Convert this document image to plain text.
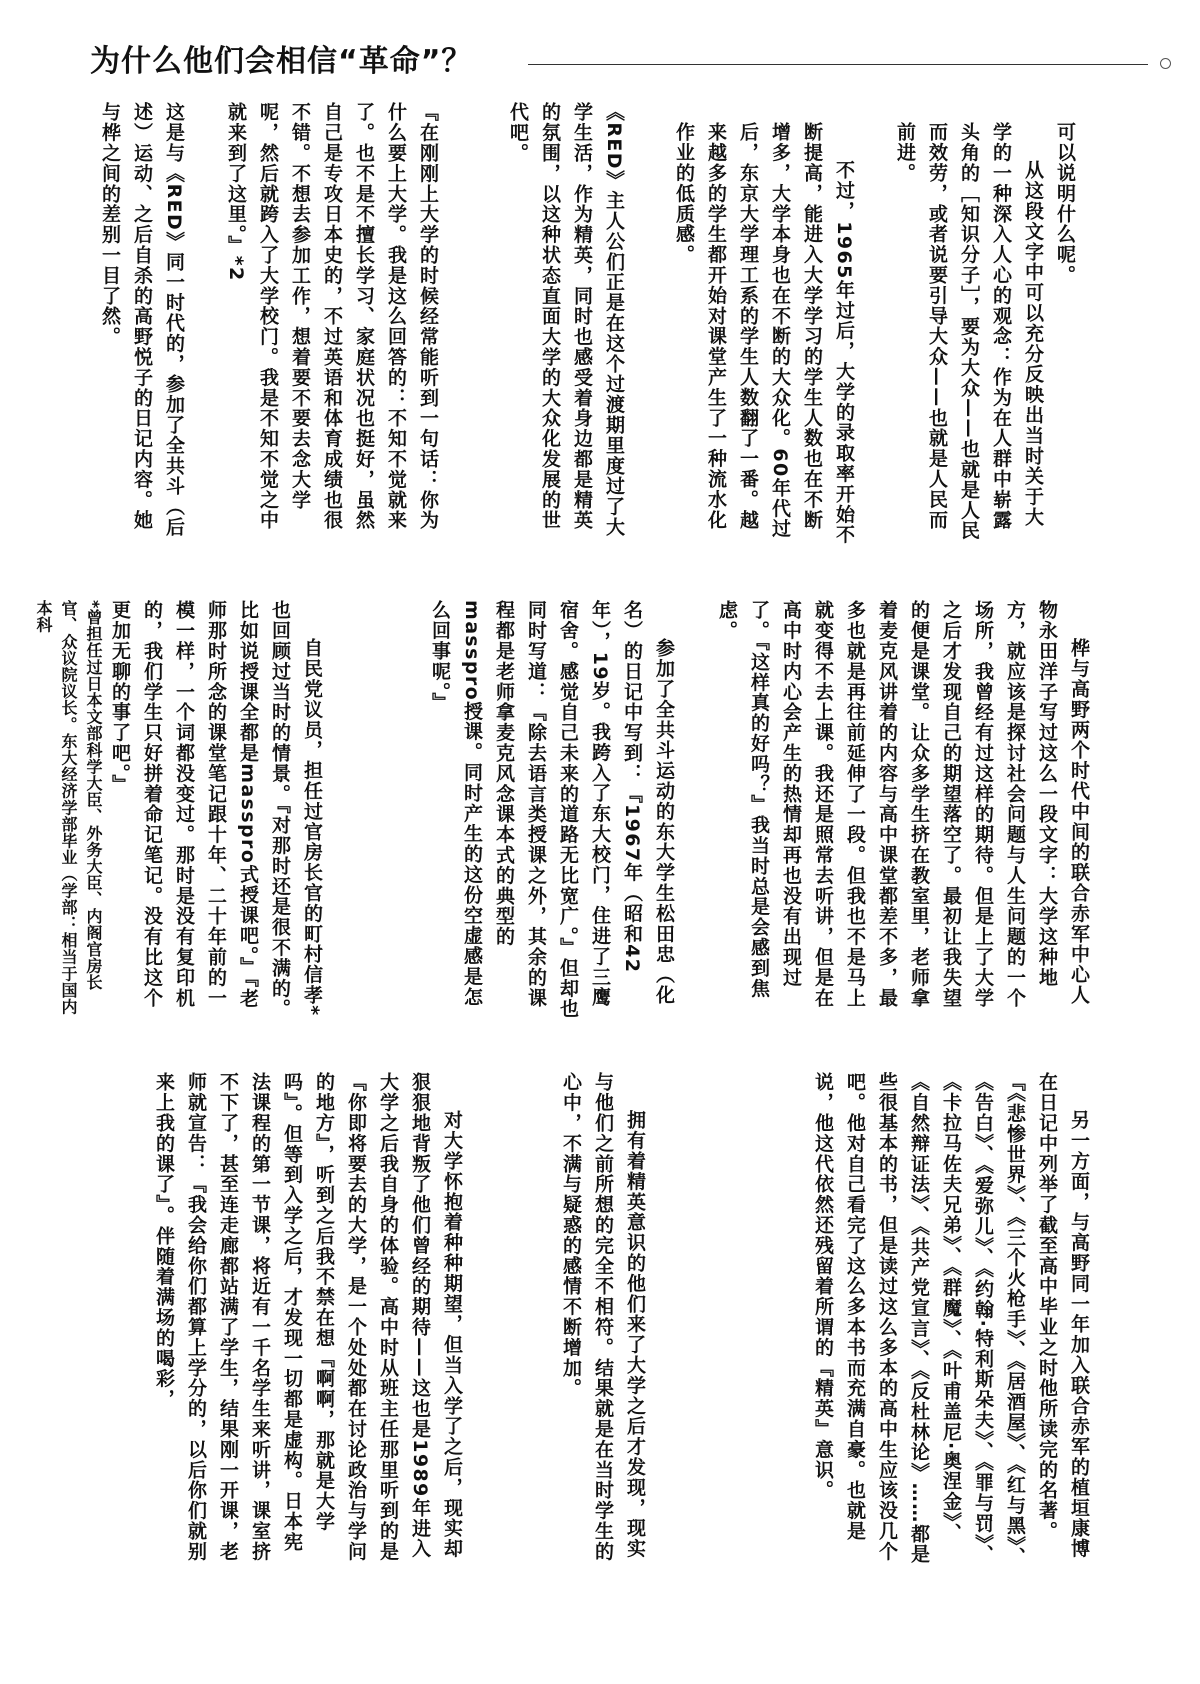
为什么他们会相信“革命”？

可以说明什么呢。

从这段文字中可以充分反映出当时关于大学的一种深入人心的观念：作为在人群中崭露头角的［知识分子］，要为大众——也就是人民而效劳，或者说要引导大众——也就是人民而前进。

不过，1965年过后，大学的录取率开始不断提高，能进入大学学习的学生人数也在不断增多，大学本身也在不断的大众化。60年代过后，东京大学理工系的学生人数翻了一番。越来越多的学生都开始对课堂产生了一种流水化作业的低质感。

《RED》主人公们正是在这个过渡期里度过了大学生活，作为精英，同时也感受着身边都是精英的氛围，以这种状态直面大学的大众化发展的世代吧。

『在刚刚上大学的时候经常能听到一句话：你为什么要上大学。我是这么回答的：不知不觉就来了。也不是不擅长学习、家庭状况也挺好，虽然自己是专攻日本史的，不过英语和体育成绩也很不错。不想去参加工作，想着要不要去念大学呢，然后就跨入了大学校门。我是不知不觉之中就来到了这里。』*2

这是与《RED》同一时代的，参加了全共斗（后述）运动、之后自杀的高野悦子的日记内容。她与桦之间的差别一目了然。

桦与高野两个时代中间的联合赤军中心人物永田洋子写过这么一段文字：大学这种地方，就应该是探讨社会问题与人生问题的一个场所，我曾经有过这样的期待。但是上了大学之后才发现自己的期望落空了。最初让我失望的便是课堂。让众多学生挤在教室里，老师拿着麦克风讲着的内容与高中课堂都差不多，最多也就是再往前延伸了一段。但我也不是马上就变得不去上课。我还是照常去听讲，但是在高中时内心会产生的热情却再也没有出现过了。『这样真的好吗？』我当时总是会感到焦虑。

参加了全共斗运动的东大学生松田忠（化名）的日记中写到：『1967年（昭和42年），19岁。我跨入了东大校门，住进了三鹰宿舍。感觉自己未来的道路无比宽广。』但却也同时写道：『除去语言类授课之外，其余的课程都是老师拿麦克风念课本式的典型的masspro授课。同时产生的这份空虚感是怎么回事呢。』

自民党议员，担任过官房长官的町村信孝*也回顾过当时的情景。『对那时还是很不满的。比如说授课全都是masspro式授课吧。』『老师那时所念的课堂笔记跟十年、二十年前的一模一样，一个词都没变过。那时是没有复印机的，我们学生只好拼着命记笔记。没有比这个更加无聊的事了吧。』

*曾担任过日本文部科学大臣、外务大臣、内阁官房长官、众议院议长。东大经济学部毕业（学部：相当于国内本科

另一方面，与高野同一年加入联合赤军的植垣康博在日记中列举了截至高中毕业之时他所读完的名著。『《悲惨世界》、《三个火枪手》、《居酒屋》、《红与黑》、《告白》、《爱弥儿》、《约翰·特利斯朵夫》、《罪与罚》、《卡拉马佐夫兄弟》、《群魔》、《叶甫盖尼·奥涅金》、《自然辩证法》、《共产党宣言》、《反杜林论》……都是些很基本的书，但是读过这么多本的高中生应该没几个吧。他对自己看完了这么多本书而充满自豪。也就是说，他这代依然还残留着所谓的『精英』意识。

拥有着精英意识的他们来了大学之后才发现，现实与他们之前所想的完全不相符。结果就是在当时学生的心中，不满与疑惑的感情不断增加。

对大学怀抱着种种期望，但当入学了之后，现实却狠狠地背叛了他们曾经的期待——这也是1989年进入大学之后我自身的体验。高中时从班主任那里听到的是『你即将要去的大学，是一个处处都在讨论政治与学问的地方』，听到之后我不禁在想『啊啊，那就是大学吗』。但等到入学之后，才发现一切都是虚构。日本宪法课程的第一节课，将近有一千名学生来听讲，课室挤不下了，甚至连走廊都站满了学生，结果刚一开课，老师就宣告：『我会给你们都算上学分的，以后你们就别来上我的课了』。伴随着满场的喝彩，
